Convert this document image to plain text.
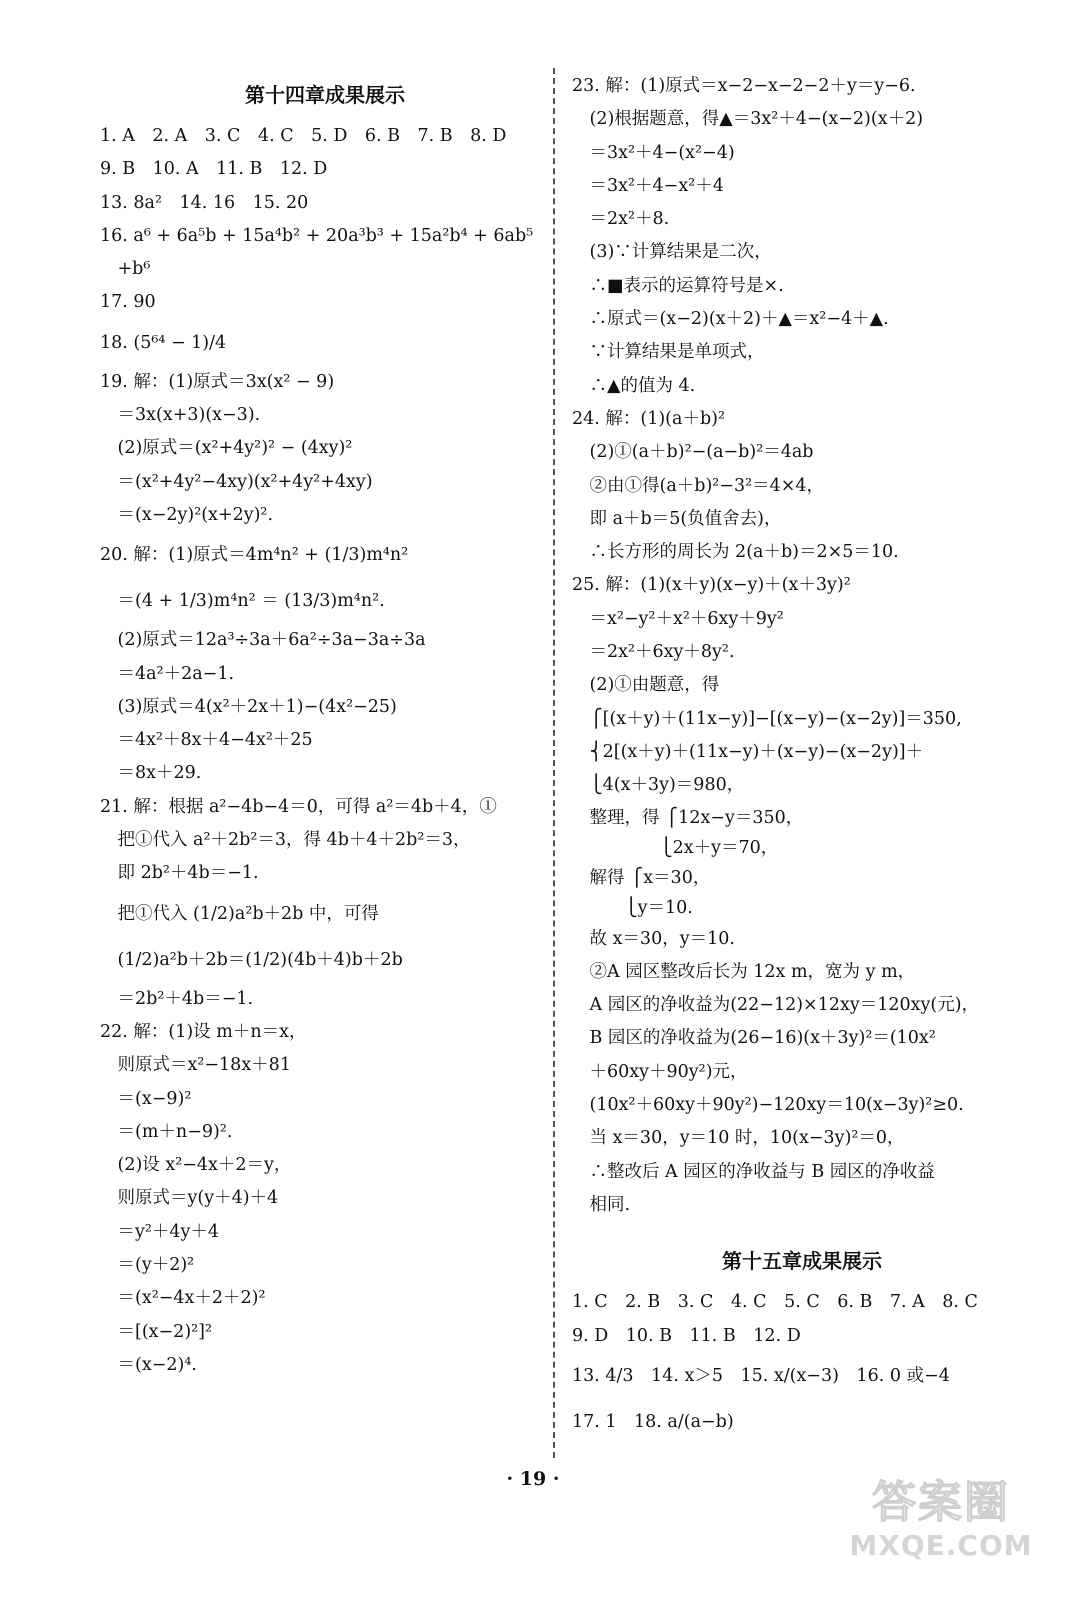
第十四章成果展示
1. A　2. A　3. C　4. C　5. D　6. B　7. B　8. D
9. B　10. A　11. B　12. D
13. 8a²　14. 16　15. 20
16. a⁶ + 6a⁵b + 15a⁴b² + 20a³b³ + 15a²b⁴ + 6ab⁵
　+b⁶
17. 90
18. (5⁶⁴ − 1)/4
19. 解：(1)原式＝3x(x² − 9)
　＝3x(x+3)(x−3).
　(2)原式＝(x²+4y²)² − (4xy)²
　＝(x²+4y²−4xy)(x²+4y²+4xy)
　＝(x−2y)²(x+2y)².
20. 解：(1)原式＝4m⁴n² + (1/3)m⁴n²
　＝(4 + 1/3)m⁴n² ＝ (13/3)m⁴n².
　(2)原式＝12a³÷3a＋6a²÷3a−3a÷3a
　＝4a²＋2a−1.
　(3)原式＝4(x²＋2x＋1)−(4x²−25)
　＝4x²＋8x＋4−4x²＋25
　＝8x＋29.
21. 解：根据 a²−4b−4＝0，可得 a²＝4b＋4，①
　把①代入 a²＋2b²＝3，得 4b＋4＋2b²＝3，
　即 2b²＋4b＝−1.
　把①代入 (1/2)a²b＋2b 中，可得
　(1/2)a²b＋2b＝(1/2)(4b＋4)b＋2b
　＝2b²＋4b＝−1.
22. 解：(1)设 m＋n＝x，
　则原式＝x²−18x＋81
　＝(x−9)²
　＝(m＋n−9)².
　(2)设 x²−4x＋2＝y，
　则原式＝y(y＋4)＋4
　＝y²＋4y＋4
　＝(y＋2)²
　＝(x²−4x＋2＋2)²
　＝[(x−2)²]²
　＝(x−2)⁴.
23. 解：(1)原式＝x−2−x−2−2＋y＝y−6.
　(2)根据题意，得▲＝3x²＋4−(x−2)(x＋2)
　＝3x²＋4−(x²−4)
　＝3x²＋4−x²＋4
　＝2x²＋8.
　(3)∵计算结果是二次，
　∴■表示的运算符号是×.
　∴原式＝(x−2)(x＋2)＋▲＝x²−4＋▲.
　∵计算结果是单项式，
　∴▲的值为 4.
24. 解：(1)(a＋b)²
　(2)①(a＋b)²−(a−b)²＝4ab
　②由①得(a＋b)²−3²＝4×4，
　即 a＋b＝5(负值舍去)，
　∴长方形的周长为 2(a＋b)＝2×5＝10.
25. 解：(1)(x＋y)(x−y)＋(x＋3y)²
　＝x²−y²＋x²＋6xy＋9y²
　＝2x²＋6xy＋8y².
　(2)①由题意，得
　⎧[(x＋y)＋(11x−y)]−[(x−y)−(x−2y)]＝350,
　⎨2[(x＋y)＋(11x−y)＋(x−y)−(x−2y)]＋
　⎩4(x＋3y)＝980，
　整理，得 ⎧12x−y＝350，
　　　　　⎩2x＋y＝70，
　解得 ⎧x＝30，
　　　⎩y＝10.
　故 x＝30，y＝10.
　②A 园区整改后长为 12x m，宽为 y m，
　A 园区的净收益为(22−12)×12xy＝120xy(元)，
　B 园区的净收益为(26−16)(x＋3y)²＝(10x²
　＋60xy＋90y²)元，
　(10x²＋60xy＋90y²)−120xy＝10(x−3y)²≥0.
　当 x＝30，y＝10 时，10(x−3y)²＝0，
　∴整改后 A 园区的净收益与 B 园区的净收益
　相同.
第十五章成果展示
1. C　2. B　3. C　4. C　5. C　6. B　7. A　8. C
9. D　10. B　11. B　12. D
13. 4/3　14. x＞5　15. x/(x−3)　16. 0 或−4
17. 1　18. a/(a−b)
· 19 ·	答案圈
MXQE.COM
